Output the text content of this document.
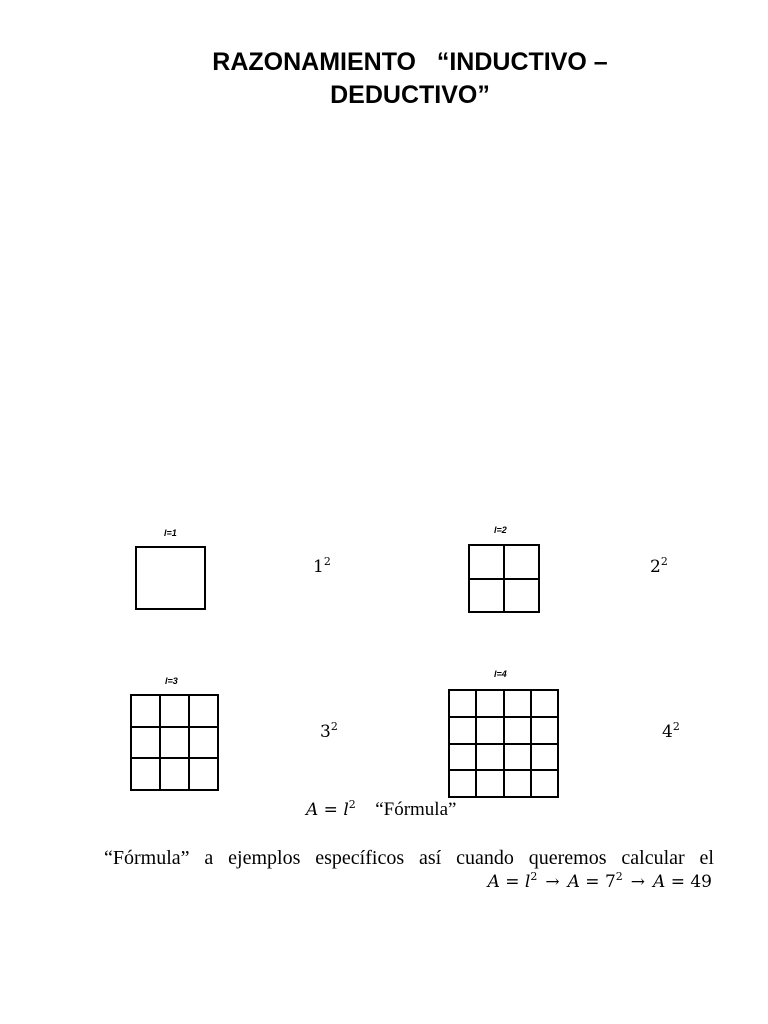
RAZONAMIENTO   “INDUCTIVO –
DEDUCTIVO”
l=1
$1^2$
l=2
$2^2$
l=3
$3^2$
l=4
$4^2$
$A = l^2$ “Fórmula”
“Fórmula” a ejemplos específicos así cuando queremos calcular el
$A = l^2 \to A = 7^2 \to A = 49$
